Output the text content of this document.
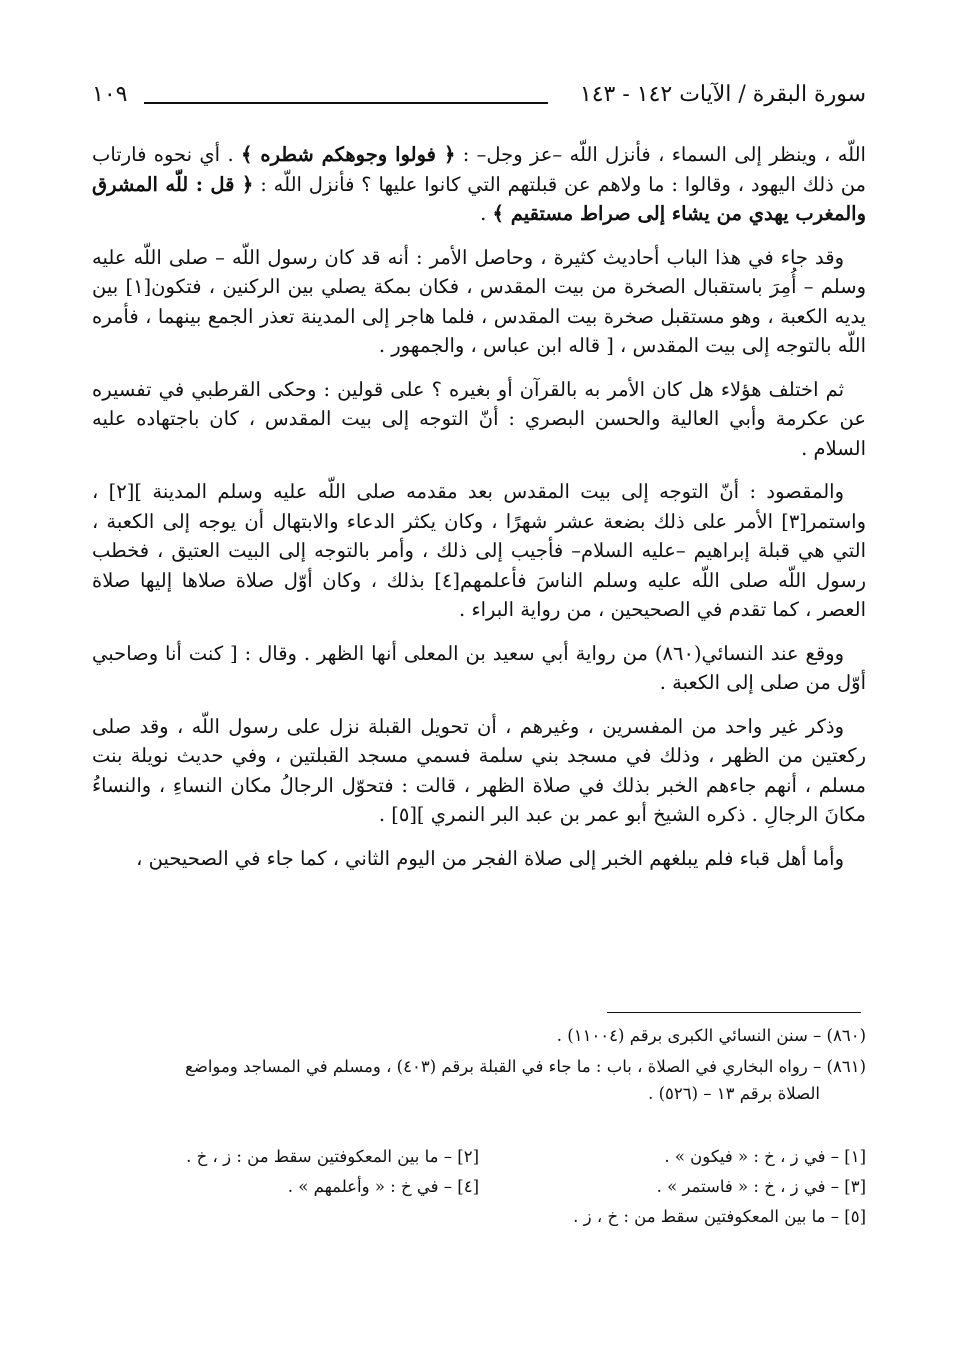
سورة البقرة / الآيات ١٤٢ - ١٤٣
١٠٩

اللّه ، وينظر إلى السماء ، فأنزل اللّه –عز وجل– : ﴿ فولوا وجوهكم شطره ﴾ . أي نحوه فارتاب من ذلك اليهود ، وقالوا : ما ولاهم عن قبلتهم التي كانوا عليها ؟ فأنزل اللّه : ﴿ قل : للّه المشرق والمغرب يهدي من يشاء إلى صراط مستقيم ﴾ .

وقد جاء في هذا الباب أحاديث كثيرة ، وحاصل الأمر : أنه قد كان رسول اللّه – صلى اللّه عليه وسلم – أُمِرَ باستقبال الصخرة من بيت المقدس ، فكان بمكة يصلي بين الركنين ، فتكون[١] بين يديه الكعبة ، وهو مستقبل صخرة بيت المقدس ، فلما هاجر إلى المدينة تعذر الجمع بينهما ، فأمره اللّه بالتوجه إلى بيت المقدس ، [ قاله ابن عباس ، والجمهور .

ثم اختلف هؤلاء هل كان الأمر به بالقرآن أو بغيره ؟ على قولين : وحكى القرطبي في تفسيره عن عكرمة وأبي العالية والحسن البصري : أنّ التوجه إلى بيت المقدس ، كان باجتهاده عليه السلام .

والمقصود : أنّ التوجه إلى بيت المقدس بعد مقدمه صلى اللّه عليه وسلم المدينة ][٢] ، واستمر[٣] الأمر على ذلك بضعة عشر شهرًا ، وكان يكثر الدعاء والابتهال أن يوجه إلى الكعبة ، التي هي قبلة إبراهيم –عليه السلام– فأجيب إلى ذلك ، وأمر بالتوجه إلى البيت العتيق ، فخطب رسول اللّه صلى اللّه عليه وسلم الناسَ فأعلمهم[٤] بذلك ، وكان أوّل صلاة صلاها إليها صلاة العصر ، كما تقدم في الصحيحين ، من رواية البراء .

ووقع عند النسائي(٨٦٠) من رواية أبي سعيد بن المعلى أنها الظهر . وقال : [ كنت أنا وصاحبي أوّل من صلى إلى الكعبة .

وذكر غير واحد من المفسرين ، وغيرهم ، أن تحويل القبلة نزل على رسول اللّه ، وقد صلى ركعتين من الظهر ، وذلك في مسجد بني سلمة فسمي مسجد القبلتين ، وفي حديث نويلة بنت مسلم ، أنهم جاءهم الخبر بذلك في صلاة الظهر ، قالت : فتحوّل الرجالُ مكان النساءِ ، والنساءُ مكانَ الرجالِ . ذكره الشيخ أبو عمر بن عبد البر النمري ][٥] .

وأما أهل قباء فلم يبلغهم الخبر إلى صلاة الفجر من اليوم الثاني ، كما جاء في الصحيحين ،

(٨٦٠) – سنن النسائي الكبرى برقم (١١٠٠٤) .
(٨٦١) – رواه البخاري في الصلاة ، باب : ما جاء في القبلة برقم (٤٠٣) ، ومسلم في المساجد ومواضع
الصلاة برقم ١٣ – (٥٢٦) .
[١] – في ز ، خ : « فيكون » .
[٢] – ما بين المعكوفتين سقط من : ز ، خ .
[٣] – في ز ، خ : « فاستمر » .
[٤] – في خ : « وأعلمهم » .
[٥] – ما بين المعكوفتين سقط من : خ ، ز .
